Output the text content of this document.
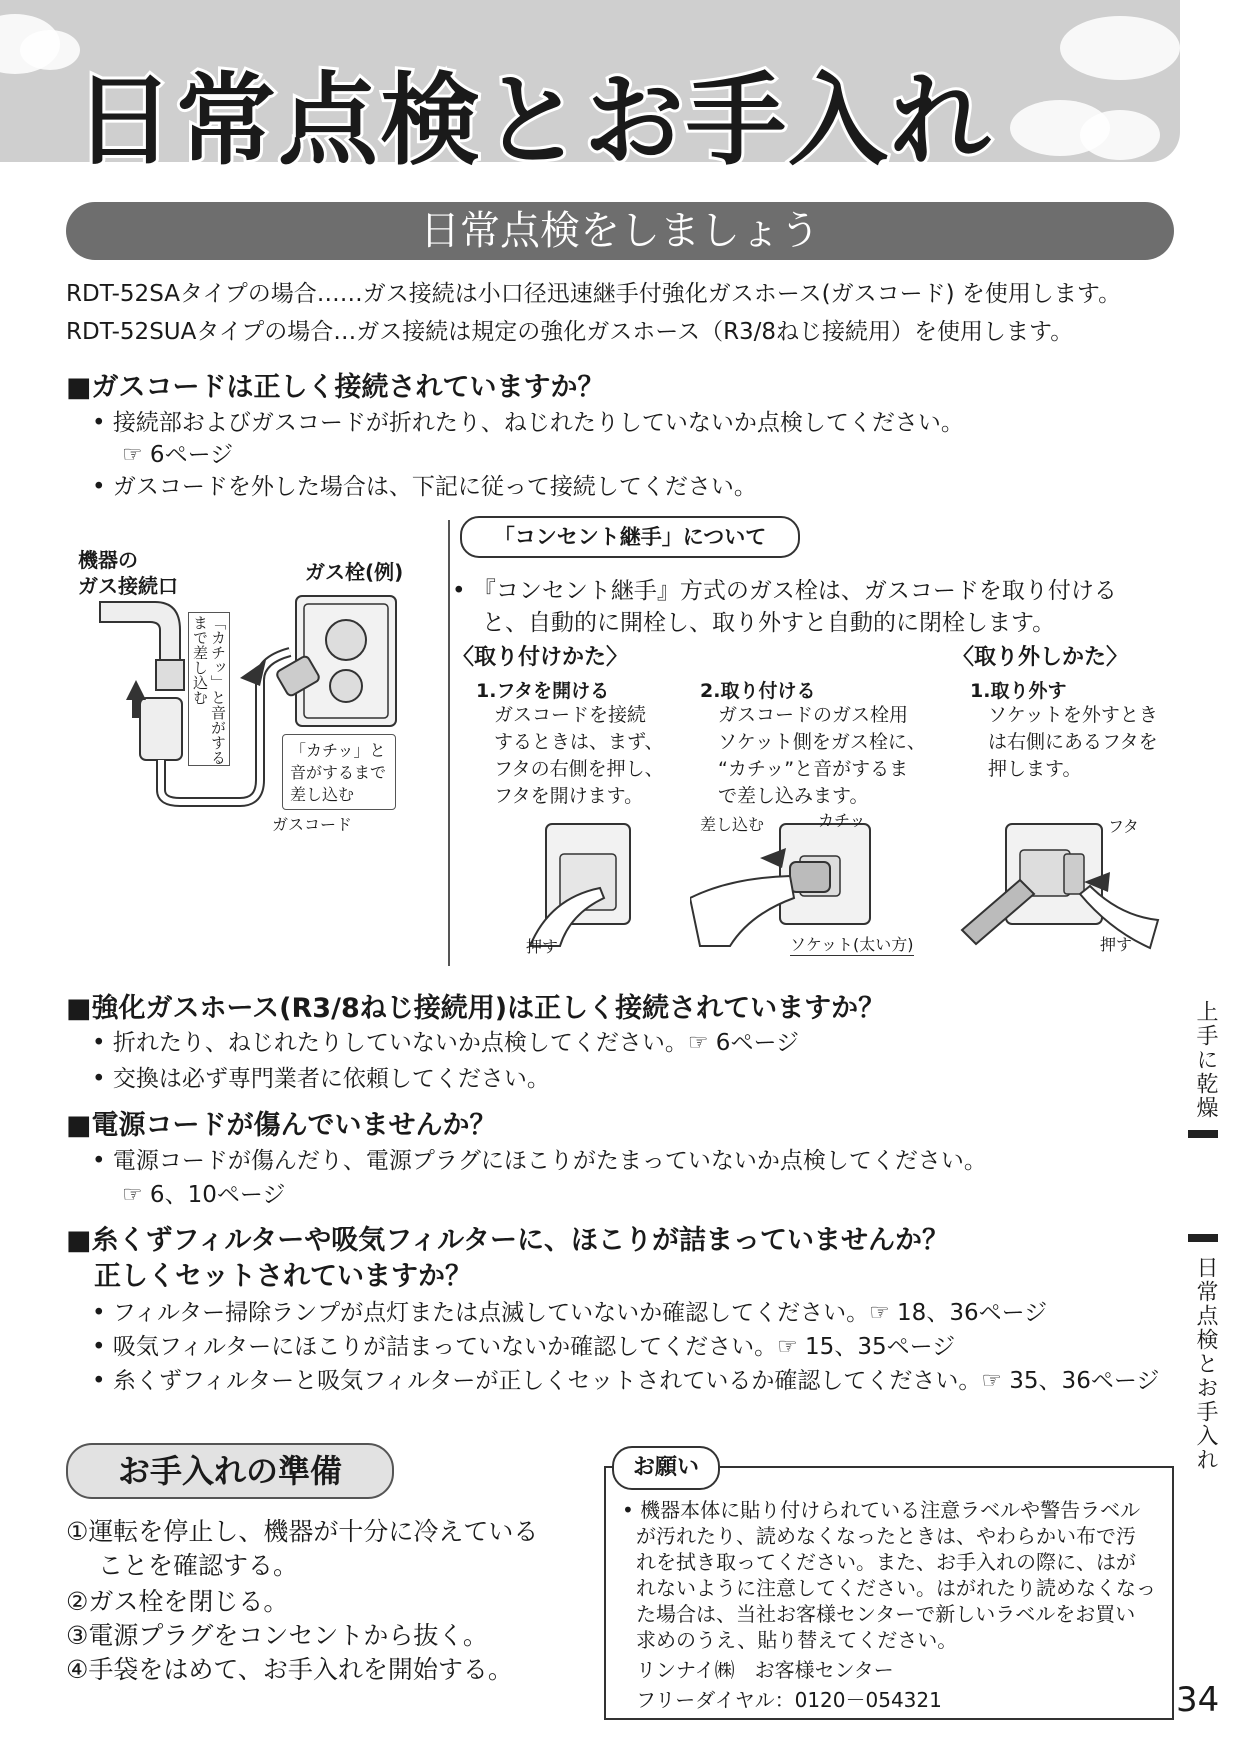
日常点検とお手入れ
日常点検をしましょう
RDT-52SAタイプの場合……ガス接続は小口径迅速継手付強化ガスホース(ガスコード) を使用します。
RDT-52SUAタイプの場合…ガス接続は規定の強化ガスホース（R3/8ねじ接続用）を使用します。
■ガスコードは正しく接続されていますか？
• 接続部およびガスコードが折れたり、ねじれたりしていないか点検してください。
☞ 6ページ
• ガスコードを外した場合は、下記に従って接続してください。
機器の
ガス接続口
ガス栓(例)
「カチッ」と音がするまで差し込む
「カチッ」と
音がするまで
差し込む
ガスコード
「コンセント継手」について
• 『コンセント継手』方式のガス栓は、ガスコードを取り付ける
と、自動的に開栓し、取り外すと自動的に閉栓します。
〈取り付けかた〉	〈取り外しかた〉
1.フタを開ける
ガスコードを接続
するときは、まず、
フタの右側を押し、
フタを開けます。
2.取り付ける
ガスコードのガス栓用
ソケット側をガス栓に、
“カチッ”と音がするま
で差し込みます。
1.取り外す
ソケットを外すとき
は右側にあるフタを
押します。
押す
差し込む	カチッ
ソケット(太い方)
フタ
押す
■強化ガスホース(R3/8ねじ接続用)は正しく接続されていますか？
• 折れたり、ねじれたりしていないか点検してください。☞ 6ページ
• 交換は必ず専門業者に依頼してください。
■電源コードが傷んでいませんか？
• 電源コードが傷んだり、電源プラグにほこりがたまっていないか点検してください。
☞ 6、10ページ
■糸くずフィルターや吸気フィルターに、ほこりが詰まっていませんか？
正しくセットされていますか？
• フィルター掃除ランプが点灯または点滅していないか確認してください。☞ 18、36ページ
• 吸気フィルターにほこりが詰まっていないか確認してください。☞ 15、35ページ
• 糸くずフィルターと吸気フィルターが正しくセットされているか確認してください。☞ 35、36ページ
上手に乾燥
日常点検とお手入れ
お手入れの準備
①運転を停止し、機器が十分に冷えている
ことを確認する。
②ガス栓を閉じる。
③電源プラグをコンセントから抜く。
④手袋をはめて、お手入れを開始する。
お願い
• 機器本体に貼り付けられている注意ラベルや警告ラベル
が汚れたり、読めなくなったときは、やわらかい布で汚
れを拭き取ってください。また、お手入れの際に、はが
れないように注意してください。はがれたり読めなくなっ
た場合は、当社お客様センターで新しいラベルをお買い
求めのうえ、貼り替えてください。
リンナイ㈱　お客様センター
フリーダイヤル：0120－054321	34
